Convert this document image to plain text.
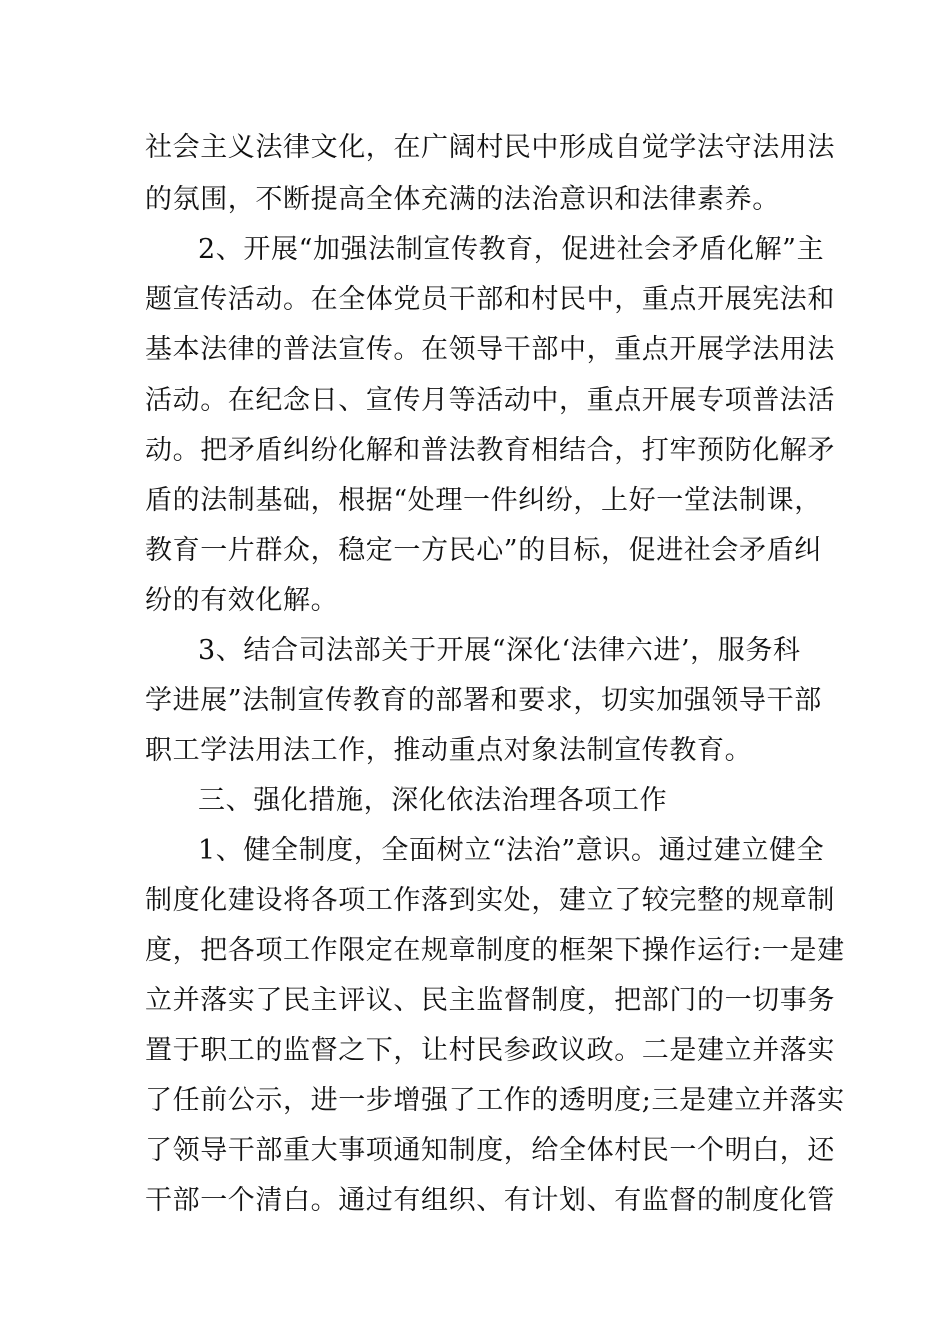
社会主义法律文化，在广阔村民中形成自觉学法守法用法
的氛围，不断提高全体充满的法治意识和法律素养。
2、开展“加强法制宣传教育，促进社会矛盾化解”主
题宣传活动。在全体党员干部和村民中，重点开展宪法和
基本法律的普法宣传。在领导干部中，重点开展学法用法
活动。在纪念日、宣传月等活动中，重点开展专项普法活
动。把矛盾纠纷化解和普法教育相结合，打牢预防化解矛
盾的法制基础，根据“处理一件纠纷，上好一堂法制课，
教育一片群众，稳定一方民心”的目标，促进社会矛盾纠
纷的有效化解。
3、结合司法部关于开展“深化‘法律六进’，服务科
学进展”法制宣传教育的部署和要求，切实加强领导干部
职工学法用法工作，推动重点对象法制宣传教育。
三、强化措施，深化依法治理各项工作
1、健全制度，全面树立“法治”意识。通过建立健全
制度化建设将各项工作落到实处，建立了较完整的规章制
度，把各项工作限定在规章制度的框架下操作运行:一是建
立并落实了民主评议、民主监督制度，把部门的一切事务
置于职工的监督之下，让村民参政议政。二是建立并落实
了任前公示，进一步增强了工作的透明度;三是建立并落实
了领导干部重大事项通知制度，给全体村民一个明白，还
干部一个清白。通过有组织、有计划、有监督的制度化管
